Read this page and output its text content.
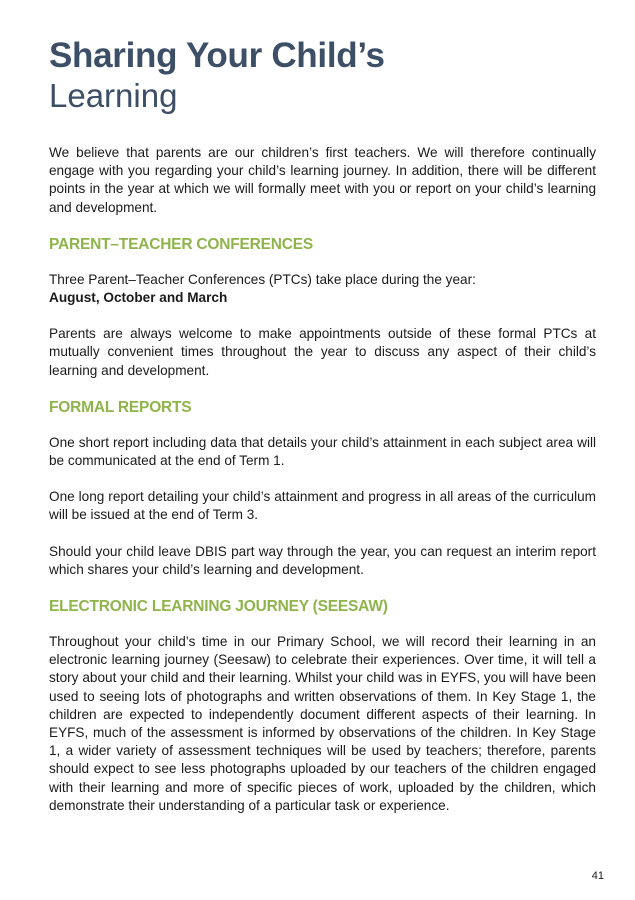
Sharing Your Child’s
Learning

We believe that parents are our children’s first teachers. We will therefore continually engage with you regarding your child’s learning journey. In addition, there will be different points in the year at which we will formally meet with you or report on your child’s learning and development.

PARENT–TEACHER CONFERENCES

Three Parent–Teacher Conferences (PTCs) take place during the year:

August, October and March

Parents are always welcome to make appointments outside of these formal PTCs at mutually convenient times throughout the year to discuss any aspect of their child’s learning and development.

FORMAL REPORTS

One short report including data that details your child’s attainment in each subject area will be communicated at the end of Term 1.

One long report detailing your child’s attainment and progress in all areas of the curriculum will be issued at the end of Term 3.

Should your child leave DBIS part way through the year, you can request an interim report which shares your child’s learning and development.

ELECTRONIC LEARNING JOURNEY (SEESAW)

Throughout your child’s time in our Primary School, we will record their learning in an electronic learning journey (Seesaw) to celebrate their experiences. Over time, it will tell a story about your child and their learning. Whilst your child was in EYFS, you will have been used to seeing lots of photographs and written observations of them. In Key Stage 1, the children are expected to independently document different aspects of their learning. In EYFS, much of the assessment is informed by observations of the children. In Key Stage 1, a wider variety of assessment techniques will be used by teachers; therefore, parents should expect to see less photographs uploaded by our teachers of the children engaged with their learning and more of specific pieces of work, uploaded by the children, which demonstrate their understanding of a particular task or experience.

41
